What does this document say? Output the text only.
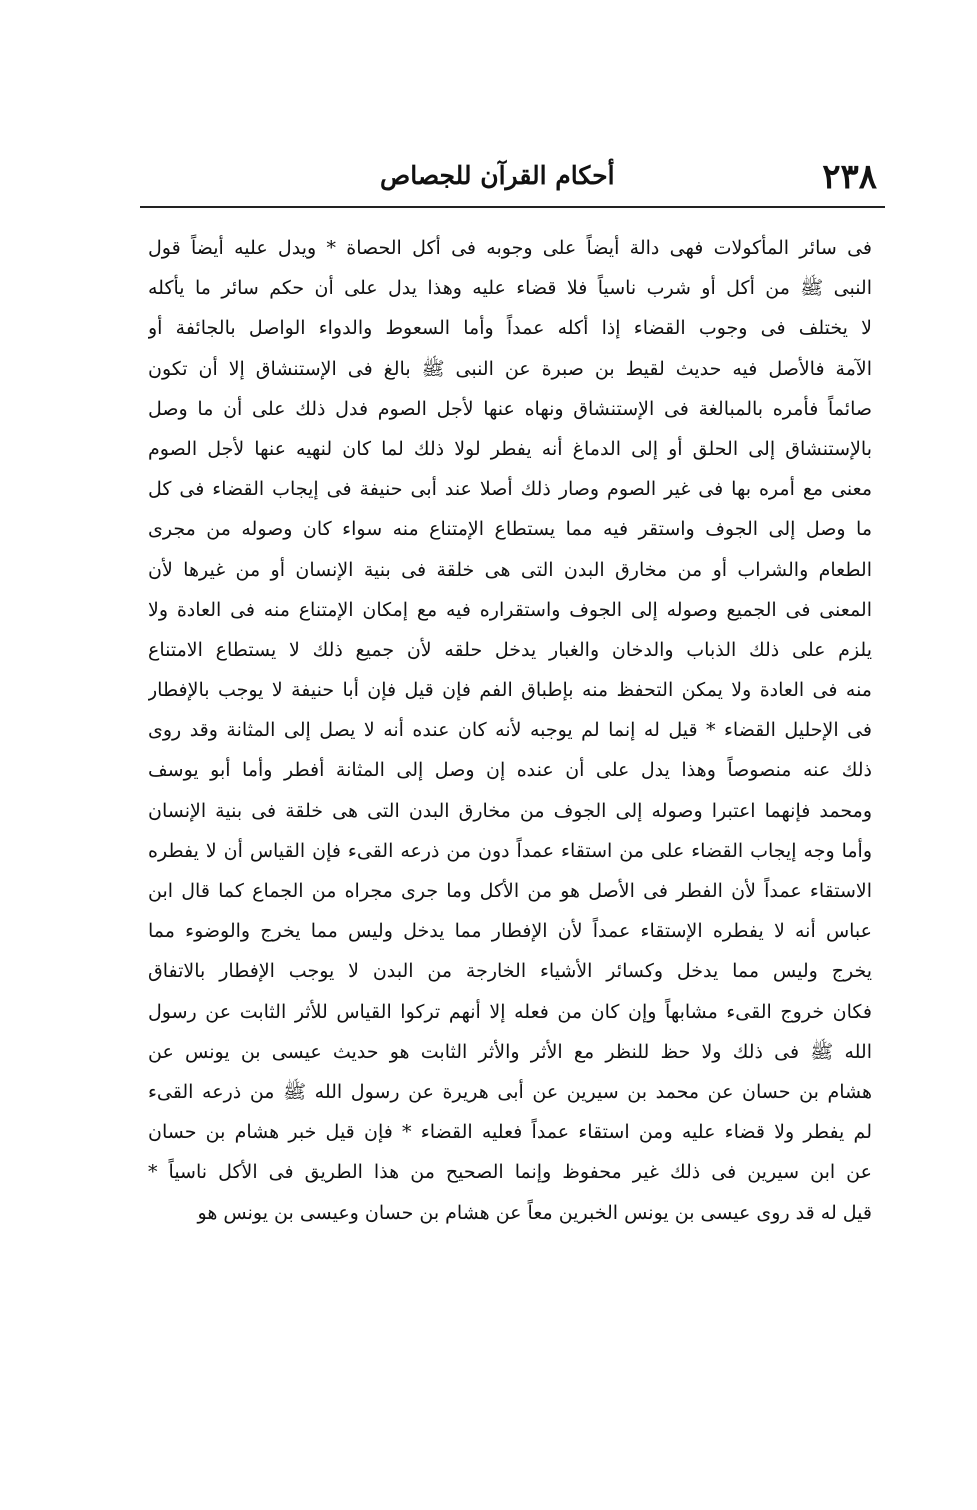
٢٣٨
أحكام القرآن للجصاص
فى سائر المأكولات فهى دالة أيضاً على وجوبه فى أكل الحصاة * ويدل عليه أيضاً قول
النبى ﷺ من أكل أو شرب ناسياً فلا قضاء عليه وهذا يدل على أن حكم سائر ما يأكله
لا يختلف فى وجوب القضاء إذا أكله عمداً وأما السعوط والدواء الواصل بالجائفة أو
الآمة فالأصل فيه حديث لقيط بن صبرة عن النبى ﷺ بالغ فى الإستنشاق إلا أن تكون
صائماً فأمره بالمبالغة فى الإستنشاق ونهاه عنها لأجل الصوم فدل ذلك على أن ما وصل
بالإستنشاق إلى الحلق أو إلى الدماغ أنه يفطر لولا ذلك لما كان لنهيه عنها لأجل الصوم
معنى مع أمره بها فى غير الصوم وصار ذلك أصلا عند أبى حنيفة فى إيجاب القضاء فى كل
ما وصل إلى الجوف واستقر فيه مما يستطاع الإمتناع منه سواء كان وصوله من مجرى
الطعام والشراب أو من مخارق البدن التى هى خلقة فى بنية الإنسان أو من غيرها لأن
المعنى فى الجميع وصوله إلى الجوف واستقراره فيه مع إمكان الإمتناع منه فى العادة ولا
يلزم على ذلك الذباب والدخان والغبار يدخل حلقه لأن جميع ذلك لا يستطاع الامتناع
منه فى العادة ولا يمكن التحفظ منه بإطباق الفم فإن قيل فإن أبا حنيفة لا يوجب بالإفطار
فى الإحليل القضاء * قيل له إنما لم يوجبه لأنه كان عنده أنه لا يصل إلى المثانة وقد روى
ذلك عنه منصوصاً وهذا يدل على أن عنده إن وصل إلى المثانة أفطر وأما أبو يوسف
ومحمد فإنهما اعتبرا وصوله إلى الجوف من مخارق البدن التى هى خلقة فى بنية الإنسان
وأما وجه إيجاب القضاء على من استقاء عمداً دون من ذرعه القىء فإن القياس أن لا يفطره
الاستقاء عمداً لأن الفطر فى الأصل هو من الأكل وما جرى مجراه من الجماع كما قال ابن
عباس أنه لا يفطره الإستقاء عمداً لأن الإفطار مما يدخل وليس مما يخرج والوضوء مما
يخرج وليس مما يدخل وكسائر الأشياء الخارجة من البدن لا يوجب الإفطار بالاتفاق
فكان خروج القىء مشابهاً وإن كان من فعله إلا أنهم تركوا القياس للأثر الثابت عن رسول
الله ﷺ فى ذلك ولا حظ للنظر مع الأثر والأثر الثابت هو حديث عيسى بن يونس عن
هشام بن حسان عن محمد بن سيرين عن أبى هريرة عن رسول الله ﷺ من ذرعه القىء
لم يفطر ولا قضاء عليه ومن استقاء عمداً فعليه القضاء * فإن قيل خبر هشام بن حسان
عن ابن سيرين فى ذلك غير محفوظ وإنما الصحيح من هذا الطريق فى الأكل ناسياً *
قيل له قد روى عيسى بن يونس الخبرين معاً عن هشام بن حسان وعيسى بن يونس هو
